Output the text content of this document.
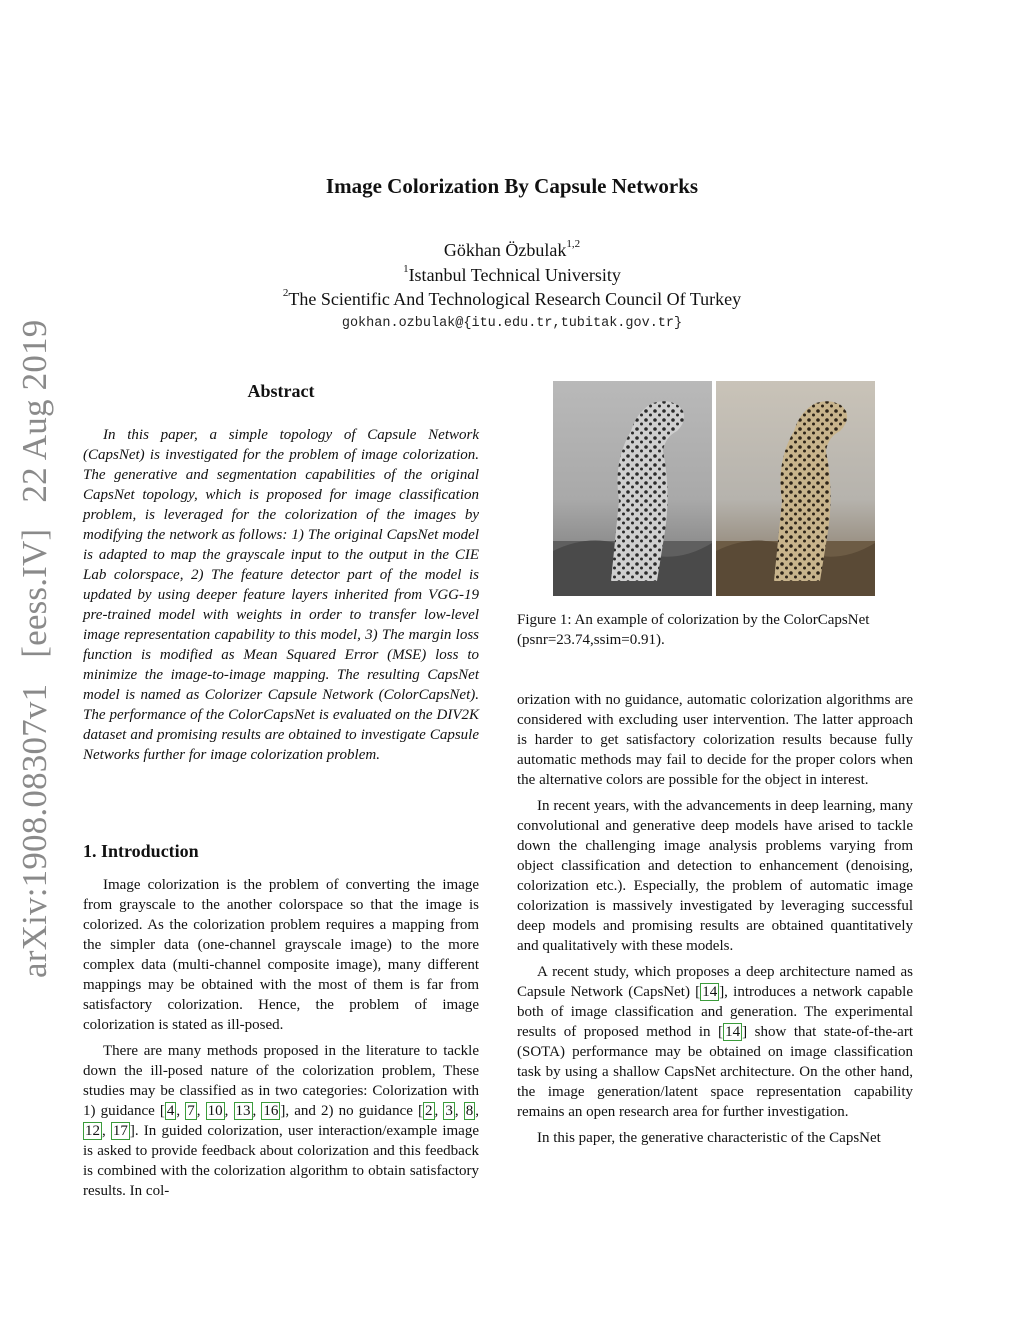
arXiv:1908.08307v1[eess.IV]22 Aug 2019
Image Colorization By Capsule Networks
Gökhan Özbulak$^{1,2}$
$^1$Istanbul Technical University
$^2$The Scientific And Technological Research Council Of Turkey
gokhan.ozbulak@{itu.edu.tr,tubitak.gov.tr}
Abstract

In this paper, a simple topology of Capsule Network (CapsNet) is investigated for the problem of image colorization. The generative and segmentation capabilities of the original CapsNet topology, which is proposed for image classification problem, is leveraged for the colorization of the images by modifying the network as follows: 1) The original CapsNet model is adapted to map the grayscale input to the output in the CIE Lab colorspace, 2) The feature detector part of the model is updated by using deeper feature layers inherited from VGG-19 pre-trained model with weights in order to transfer low-level image representation capability to this model, 3) The margin loss function is modified as Mean Squared Error (MSE) loss to minimize the image-to-image mapping. The resulting CapsNet model is named as Colorizer Capsule Network (ColorCapsNet). The performance of the ColorCapsNet is evaluated on the DIV2K dataset and promising results are obtained to investigate Capsule Networks further for image colorization problem.

1. Introduction

Image colorization is the problem of converting the image from grayscale to the another colorspace so that the image is colorized. As the colorization problem requires a mapping from the simpler data (one-channel grayscale image) to the more complex data (multi-channel composite image), many different mappings may be obtained with the most of them is far from satisfactory colorization. Hence, the problem of image colorization is stated as ill-posed.

There are many methods proposed in the literature to tackle down the ill-posed nature of the colorization problem, These studies may be classified as in two categories: Colorization with 1) guidance [ 4 , 7 , 10 , 13 , 16 ], and 2) no guidance [ 2 , 3 , 8 , 12 , 17 ]. In guided colorization, user interaction/example image is asked to provide feedback about colorization and this feedback is combined with the colorization algorithm to obtain satisfactory results. In col-

Figure 1: An example of colorization by the ColorCapsNet (psnr=23.74,ssim=0.91).

orization with no guidance, automatic colorization algorithms are considered with excluding user intervention. The latter approach is harder to get satisfactory colorization results because fully automatic methods may fail to decide for the proper colors when the alternative colors are possible for the object in interest.

In recent years, with the advancements in deep learning, many convolutional and generative deep models have arised to tackle down the challenging image analysis problems varying from object classification and detection to enhancement (denoising, colorization etc.). Especially, the problem of automatic image colorization is massively investigated by leveraging successful deep models and promising results are obtained quantitatively and qualitatively with these models.

A recent study, which proposes a deep architecture named as Capsule Network (CapsNet) [ 14 ], introduces a network capable both of image classification and generation. The experimental results of proposed method in [ 14 ] show that state-of-the-art (SOTA) performance may be obtained on image classification task by using a shallow CapsNet architecture. On the other hand, the image generation/latent space representation capability remains an open research area for further investigation.

In this paper, the generative characteristic of the CapsNet
